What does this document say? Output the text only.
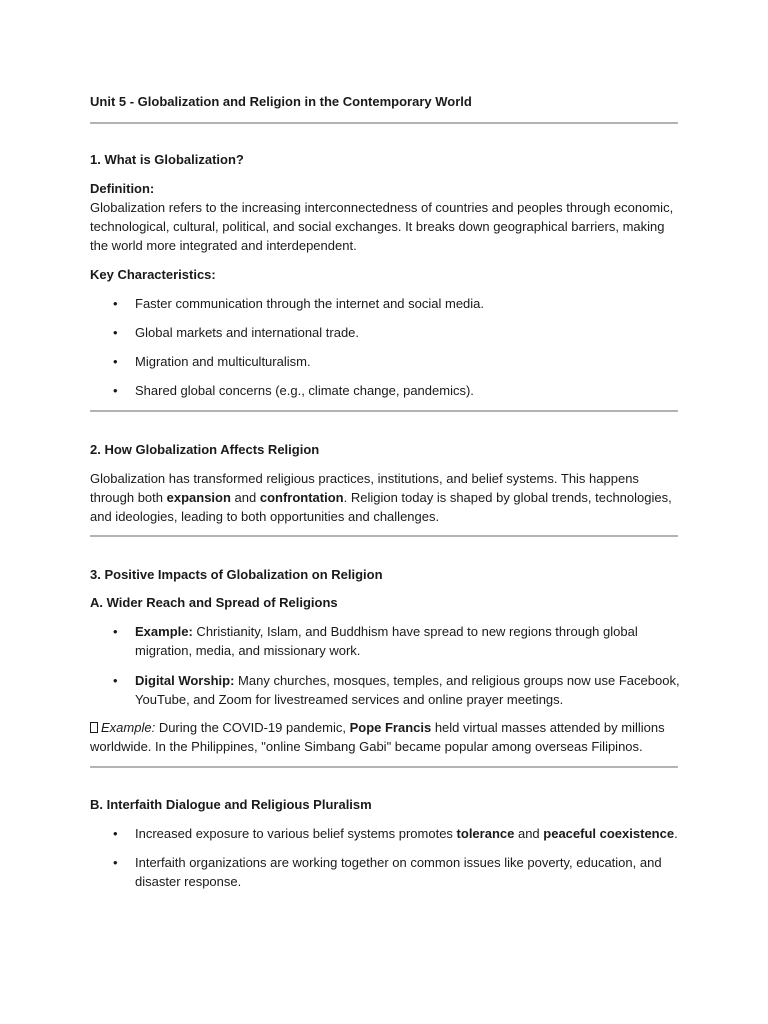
Unit 5 - Globalization and Religion in the Contemporary World

1. What is Globalization?

Definition:

Globalization refers to the increasing interconnectedness of countries and peoples through economic, technological, cultural, political, and social exchanges. It breaks down geographical barriers, making the world more integrated and interdependent.

Key Characteristics:

• Faster communication through the internet and social media.

• Global markets and international trade.

• Migration and multiculturalism.

• Shared global concerns (e.g., climate change, pandemics).

2. How Globalization Affects Religion

Globalization has transformed religious practices, institutions, and belief systems. This happens through both expansion and confrontation. Religion today is shaped by global trends, technologies, and ideologies, leading to both opportunities and challenges.

3. Positive Impacts of Globalization on Religion

A. Wider Reach and Spread of Religions

• Example: Christianity, Islam, and Buddhism have spread to new regions through global migration, media, and missionary work.

• Digital Worship: Many churches, mosques, temples, and religious groups now use Facebook, YouTube, and Zoom for livestreamed services and online prayer meetings.

Example: During the COVID-19 pandemic, Pope Francis held virtual masses attended by millions worldwide. In the Philippines, "online Simbang Gabi" became popular among overseas Filipinos.

B. Interfaith Dialogue and Religious Pluralism

• Increased exposure to various belief systems promotes tolerance and peaceful coexistence.

• Interfaith organizations are working together on common issues like poverty, education, and disaster response.
